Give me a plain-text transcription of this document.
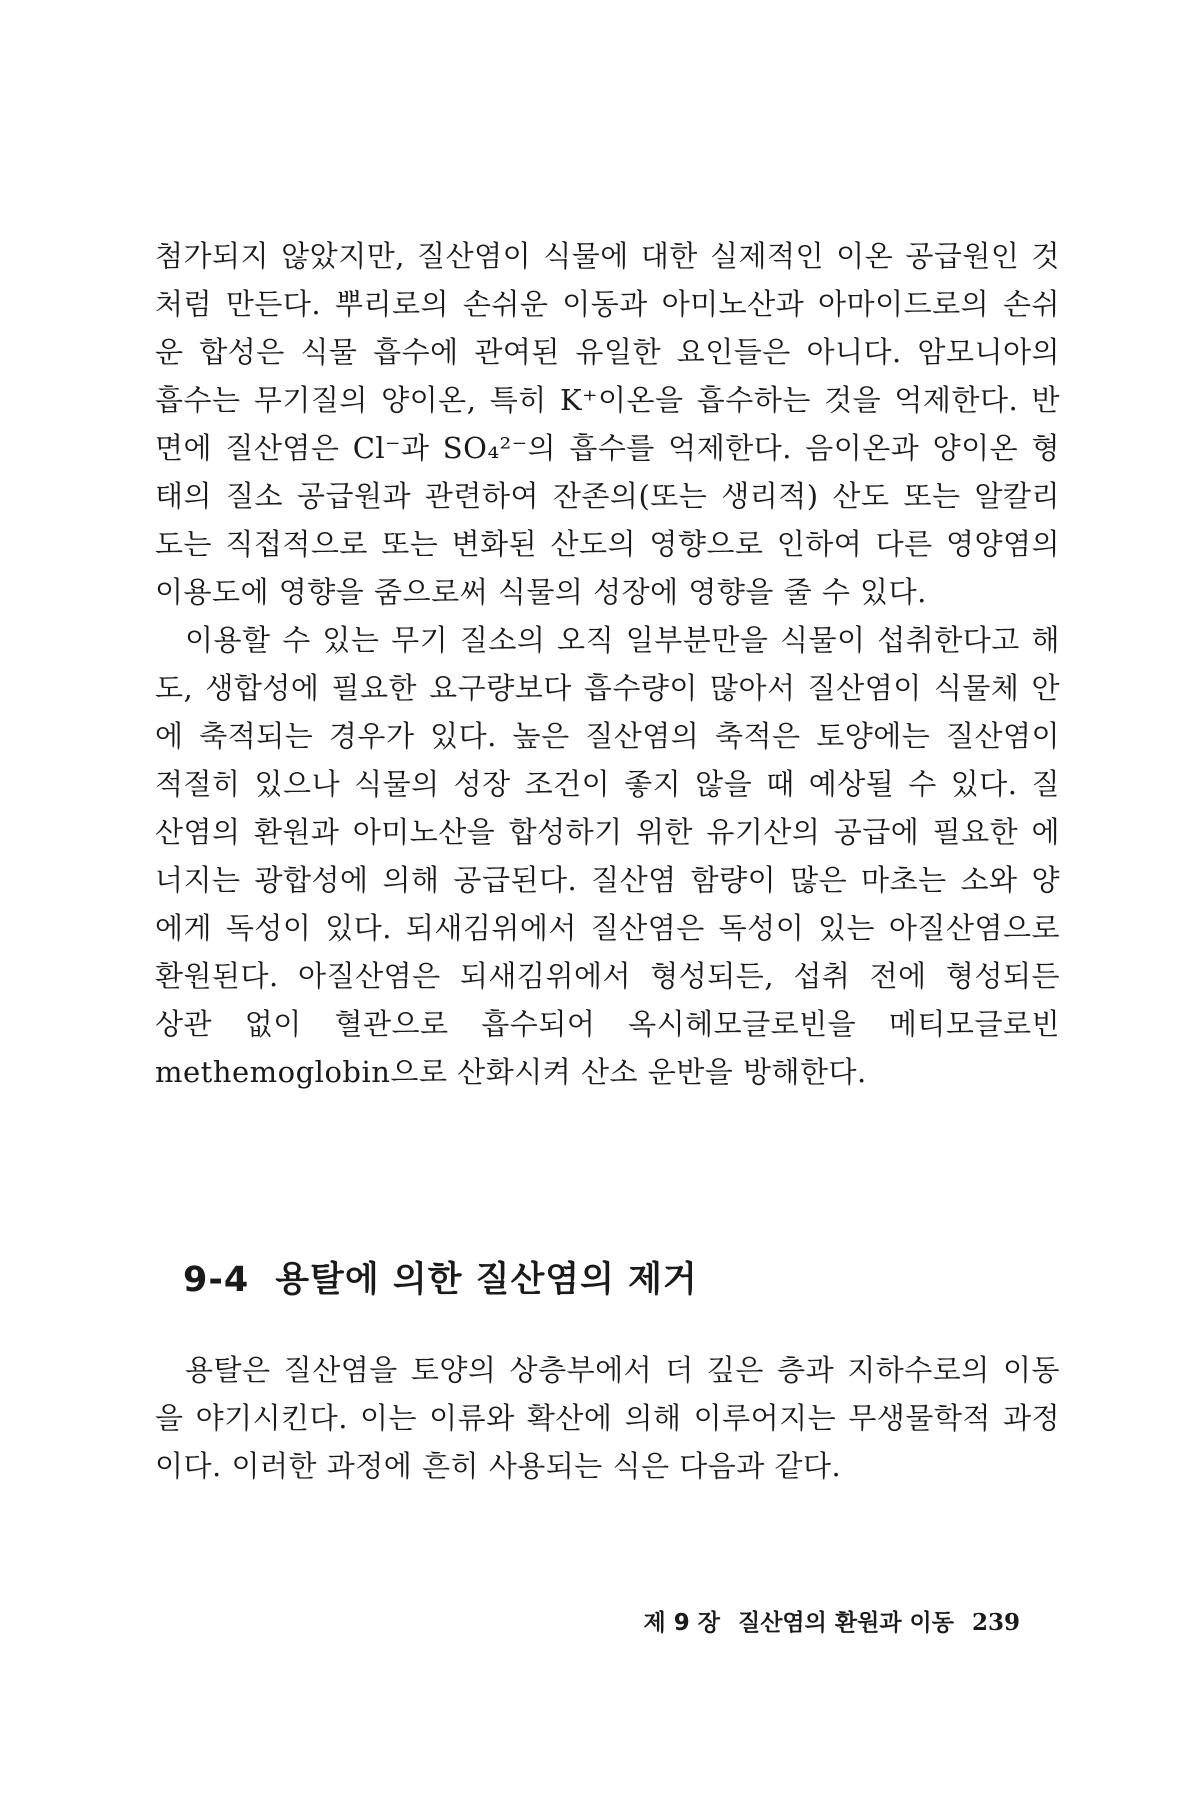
첨가되지 않았지만, 질산염이 식물에 대한 실제적인 이온 공급원인 것
처럼 만든다. 뿌리로의 손쉬운 이동과 아미노산과 아마이드로의 손쉬
운 합성은 식물 흡수에 관여된 유일한 요인들은 아니다. 암모니아의
흡수는 무기질의 양이온, 특히 K⁺이온을 흡수하는 것을 억제한다. 반
면에 질산염은 Cl⁻과 SO₄²⁻의 흡수를 억제한다. 음이온과 양이온 형
태의 질소 공급원과 관련하여 잔존의(또는 생리적) 산도 또는 알칼리
도는 직접적으로 또는 변화된 산도의 영향으로 인하여 다른 영양염의
이용도에 영향을 줌으로써 식물의 성장에 영향을 줄 수 있다.
이용할 수 있는 무기 질소의 오직 일부분만을 식물이 섭취한다고 해
도, 생합성에 필요한 요구량보다 흡수량이 많아서 질산염이 식물체 안
에 축적되는 경우가 있다. 높은 질산염의 축적은 토양에는 질산염이
적절히 있으나 식물의 성장 조건이 좋지 않을 때 예상될 수 있다. 질
산염의 환원과 아미노산을 합성하기 위한 유기산의 공급에 필요한 에
너지는 광합성에 의해 공급된다. 질산염 함량이 많은 마초는 소와 양
에게 독성이 있다. 되새김위에서 질산염은 독성이 있는 아질산염으로
환원된다. 아질산염은 되새김위에서 형성되든, 섭취 전에 형성되든
상관 없이 혈관으로 흡수되어 옥시헤모글로빈을 메티모글로빈
methemoglobin으로 산화시켜 산소 운반을 방해한다.
9-4 용탈에 의한 질산염의 제거
용탈은 질산염을 토양의 상층부에서 더 깊은 층과 지하수로의 이동
을 야기시킨다. 이는 이류와 확산에 의해 이루어지는 무생물학적 과정
이다. 이러한 과정에 흔히 사용되는 식은 다음과 같다.
제 9 장 질산염의 환원과 이동 239
